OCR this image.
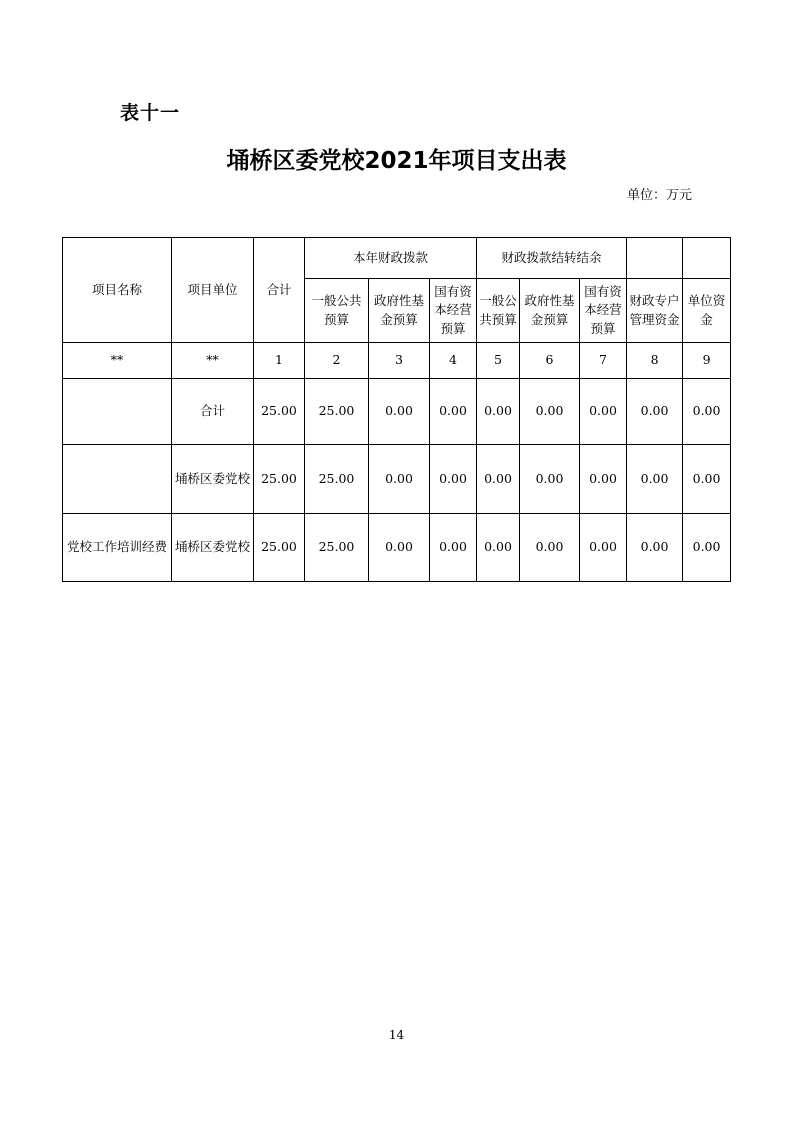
表十一
埇桥区委党校2021年项目支出表
单位：万元
项目名称	项目单位	合计	本年财政拨款			财政拨款结转结余				
			一般公共预算	政府性基金预算	国有资本经营预算	一般公共预算	政府性基金预算	国有资本经营预算	财政专户管理资金	单位资金
**	**	1	2	3	4	5	6	7	8	9
	合计	25.00	25.00	0.00	0.00	0.00	0.00	0.00	0.00	0.00
	埇桥区委党校	25.00	25.00	0.00	0.00	0.00	0.00	0.00	0.00	0.00
党校工作培训经费	埇桥区委党校	25.00	25.00	0.00	0.00	0.00	0.00	0.00	0.00	0.00
14
